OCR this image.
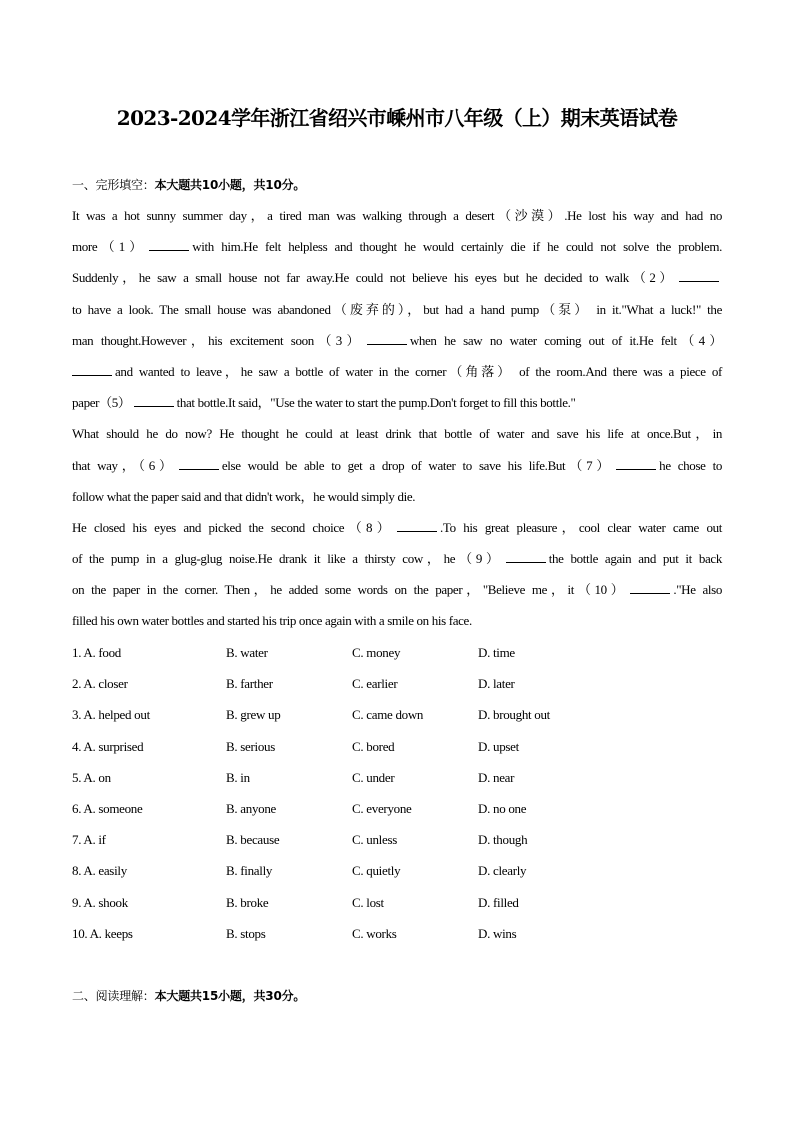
2023-2024学年浙江省绍兴市嵊州市八年级（上）期末英语试卷
一、完形填空：本大题共10小题，共10分。
It was a hot sunny summer day，a tired man was walking through a desert（沙漠）.He lost his way and had no
more（1）	with him.He felt helpless and thought he would certainly die if he could not solve the problem.
Suddenly，he saw a small house not far away.He could not believe his eyes but he decided to walk（2）
to have a look. The small house was abandoned（废弃的），but had a hand pump（泵） in it."What a luck!" the
man thought.However，his excitement soon（3）	when he saw no water coming out of it.He felt（4）
and wanted to leave，he saw a bottle of water in the corner（角落） of the room.And there was a piece of
paper（5）	that bottle.It said，"Use the water to start the pump.Don't forget to fill this bottle."
What should he do now? He thought he could at least drink that bottle of water and save his life at once.But，in
that way，（6）	else would be able to get a drop of water to save his life.But（7）	he chose to
follow what the paper said and that didn't work，he would simply die.
He closed his eyes and picked the second choice（8）	.To his great pleasure，cool clear water came out
of the pump in a glug-glug noise.He drank it like a thirsty cow，he（9）	the bottle again and put it back
on the paper in the corner. Then，he added some words on the paper，"Believe me，it（10）	."He also
filled his own water bottles and started his trip once again with a smile on his face.
1. A. food	B. water	C. money	D. time
2. A. closer	B. farther	C. earlier	D. later
3. A. helped out	B. grew up	C. came down	D. brought out
4. A. surprised	B. serious	C. bored	D. upset
5. A. on	B. in	C. under	D. near
6. A. someone	B. anyone	C. everyone	D. no one
7. A. if	B. because	C. unless	D. though
8. A. easily	B. finally	C. quietly	D. clearly
9. A. shook	B. broke	C. lost	D. filled
10. A. keeps	B. stops	C. works	D. wins
二、阅读理解：本大题共15小题，共30分。
